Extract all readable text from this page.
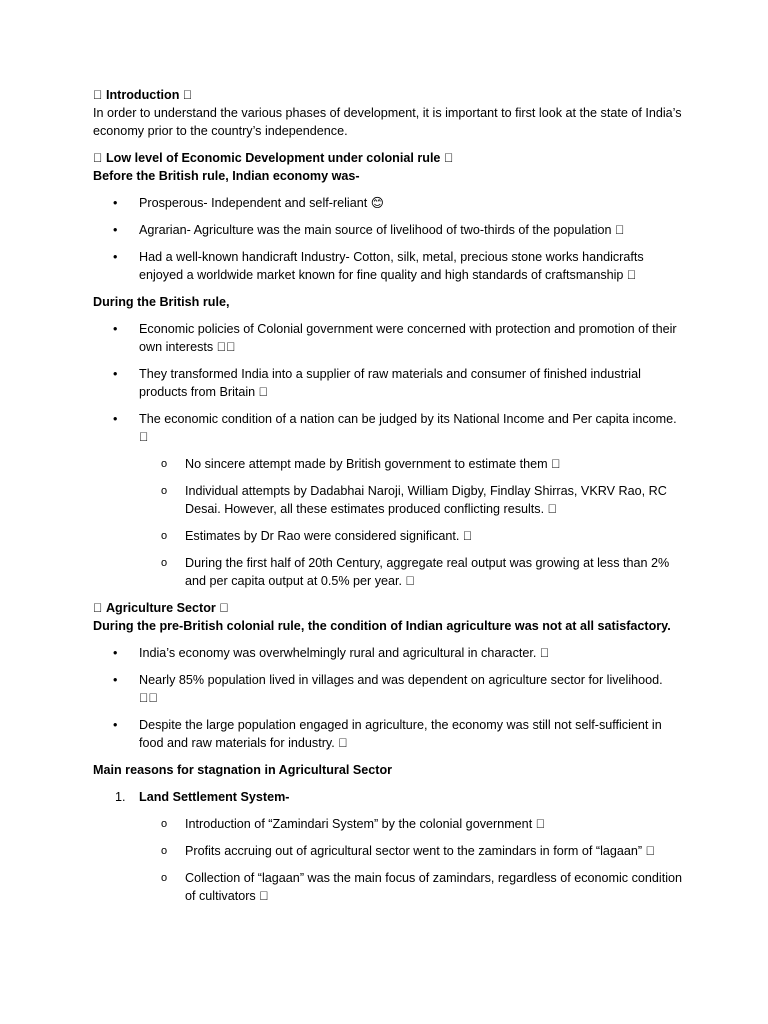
Introduction

In order to understand the various phases of development, it is important to first look at the state of India’s economy prior to the country’s independence.

Low level of Economic Development under colonial rule

Before the British rule, Indian economy was-

•	Prosperous- Independent and self-reliant 😊
•	Agrarian- Agriculture was the main source of livelihood of two-thirds of the population
•	Had a well-known handicraft Industry- Cotton, silk, metal, precious stone works handicrafts enjoyed a worldwide market known for fine quality and high standards of craftsmanship

During the British rule,

•	Economic policies of Colonial government were concerned with protection and promotion of their own interests
•	They transformed India into a supplier of raw materials and consumer of finished industrial products from Britain
•	The economic condition of a nation can be judged by its National Income and Per capita income.
o	No sincere attempt made by British government to estimate them
o	Individual attempts by Dadabhai Naroji, William Digby, Findlay Shirras, VKRV Rao, RC Desai. However, all these estimates produced conflicting results.
o	Estimates by Dr Rao were considered significant.
o	During the first half of 20th Century, aggregate real output was growing at less than 2% and per capita output at 0.5% per year.

Agriculture Sector

During the pre-British colonial rule, the condition of Indian agriculture was not at all satisfactory.

•	India’s economy was overwhelmingly rural and agricultural in character.
•	Nearly 85% population lived in villages and was dependent on agriculture sector for livelihood.
•	Despite the large population engaged in agriculture, the economy was still not self-sufficient in food and raw materials for industry.

Main reasons for stagnation in Agricultural Sector

1.	Land Settlement System-
o	Introduction of “Zamindari System” by the colonial government
o	Profits accruing out of agricultural sector went to the zamindars in form of “lagaan”
o	Collection of “lagaan” was the main focus of zamindars, regardless of economic condition of cultivators
